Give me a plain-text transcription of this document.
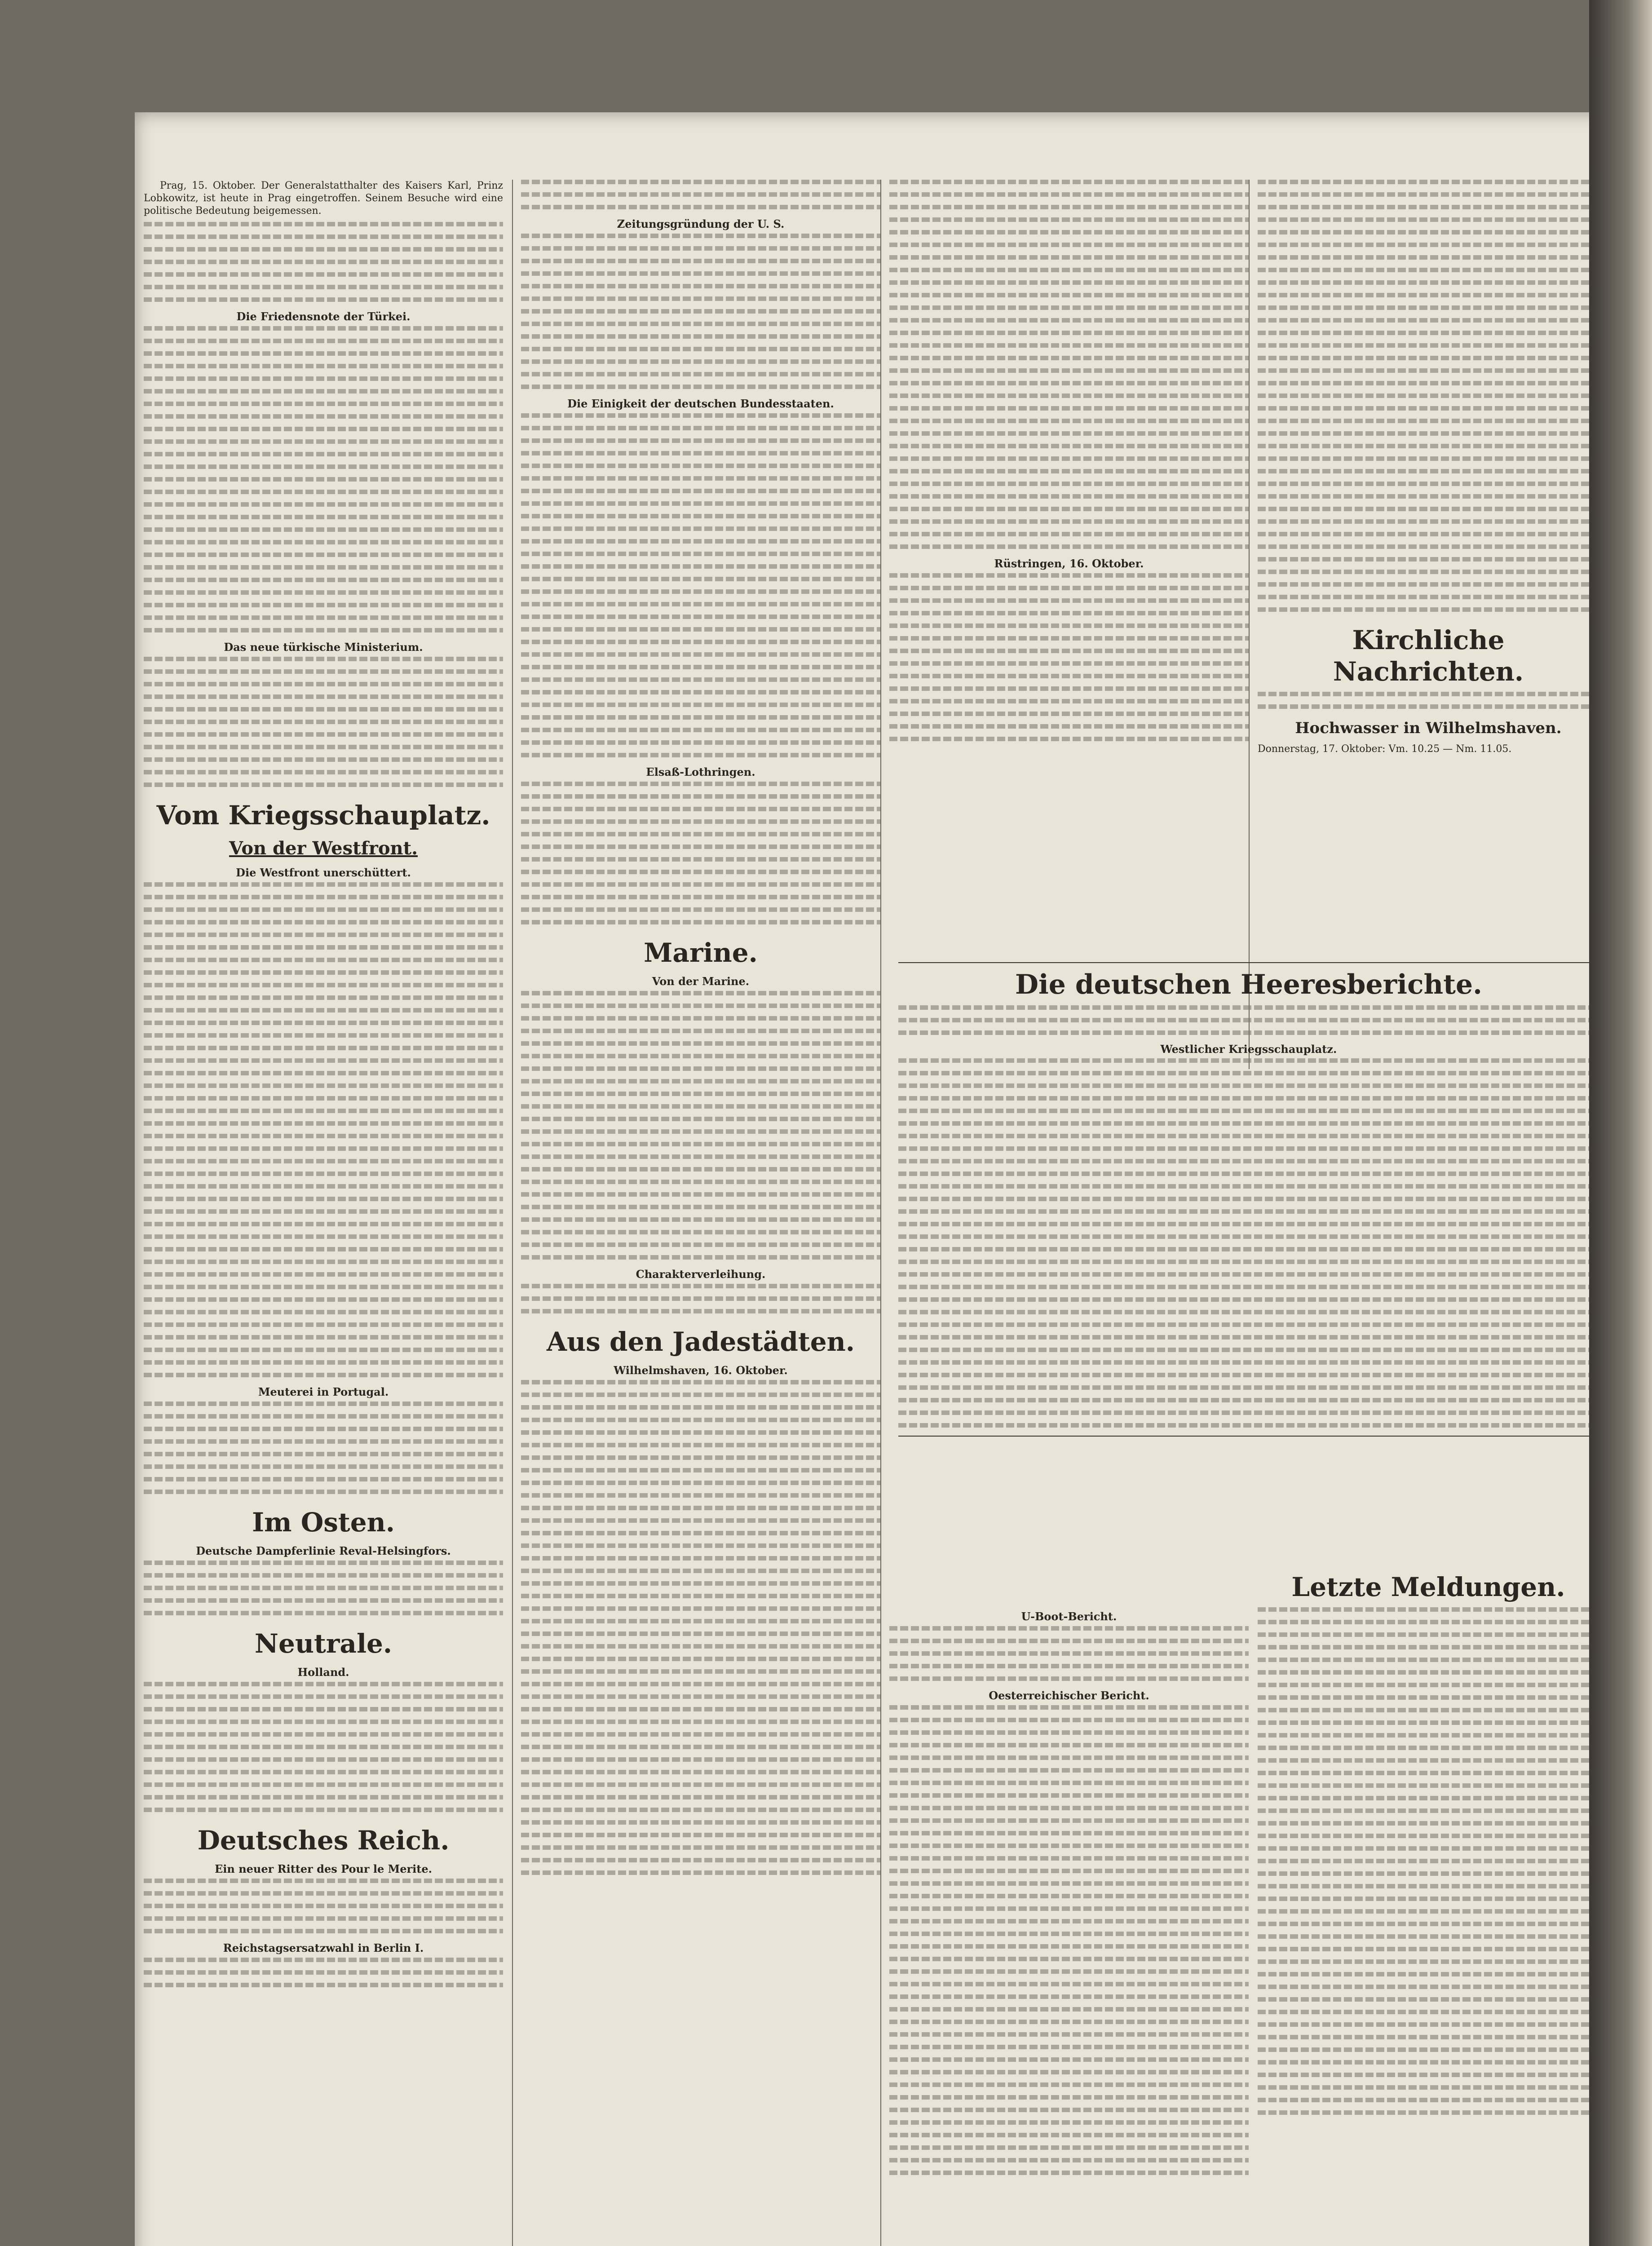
Prag, 15. Oktober. Der Generalstatthalter des Kaisers Karl, Prinz Lobkowitz, ist heute in Prag eingetroffen. Seinem Besuche wird eine politische Bedeutung beigemessen.

Die Friedensnote der Türkei.
Das neue türkische Ministerium.
Vom Kriegsschauplatz.
Von der Westfront.
Die Westfront unerschüttert.
Meuterei in Portugal.
Im Osten.
Deutsche Dampferlinie Reval-Helsingfors.
Neutrale.
Holland.
Deutsches Reich.
Ein neuer Ritter des Pour le Merite.
Reichstagsersatzwahl in Berlin I.
Zeitungsgründung der U. S.
Die Einigkeit der deutschen Bundesstaaten.
Elsaß-Lothringen.
Marine.
Von der Marine.
Charakterverleihung.
Aus den Jadestädten.
Wilhelmshaven, 16. Oktober.
Rüstringen, 16. Oktober.
Kirchliche Nachrichten.
Hochwasser in Wilhelmshaven.

Donnerstag, 17. Oktober: Vm. 10.25 — Nm. 11.05.

Die deutschen Heeresberichte.
Westlicher Kriegsschauplatz.
U-Boot-Bericht.
Oesterreichischer Bericht.
Letzte Meldungen.
